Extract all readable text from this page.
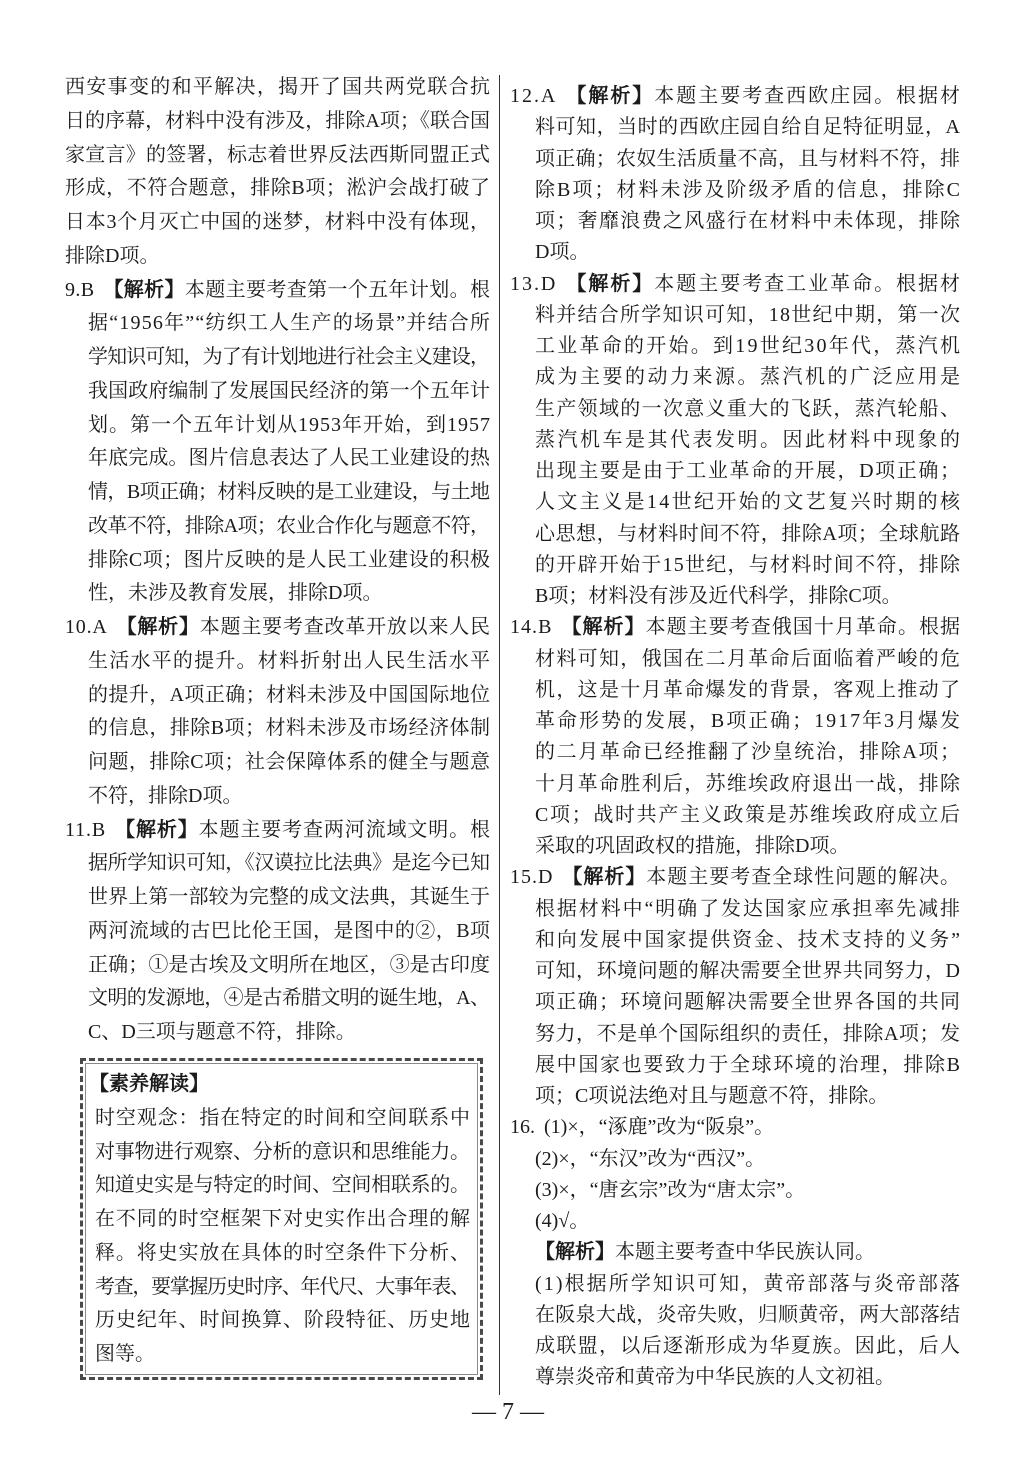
西安事变的和平解决，揭开了国共两党联合抗
日的序幕，材料中没有涉及，排除A项；《联合国
家宣言》的签署，标志着世界反法西斯同盟正式
形成，不符合题意，排除B项；淞沪会战打破了
日本3个月灭亡中国的迷梦，材料中没有体现，
排除D项。
9.B 【解析】本题主要考查第一个五年计划。根
据“1956年”“纺织工人生产的场景”并结合所
学知识可知，为了有计划地进行社会主义建设，
我国政府编制了发展国民经济的第一个五年计
划。第一个五年计划从1953年开始，到1957
年底完成。图片信息表达了人民工业建设的热
情，B项正确；材料反映的是工业建设，与土地
改革不符，排除A项；农业合作化与题意不符，
排除C项；图片反映的是人民工业建设的积极
性，未涉及教育发展，排除D项。
10.A 【解析】本题主要考查改革开放以来人民
生活水平的提升。材料折射出人民生活水平
的提升，A项正确；材料未涉及中国国际地位
的信息，排除B项；材料未涉及市场经济体制
问题，排除C项；社会保障体系的健全与题意
不符，排除D项。
11.B 【解析】本题主要考查两河流域文明。根
据所学知识可知，《汉谟拉比法典》是迄今已知
世界上第一部较为完整的成文法典，其诞生于
两河流域的古巴比伦王国，是图中的②，B项
正确；①是古埃及文明所在地区，③是古印度
文明的发源地，④是古希腊文明的诞生地，A、
C、D三项与题意不符，排除。
12.A 【解析】本题主要考查西欧庄园。根据材
料可知，当时的西欧庄园自给自足特征明显，A
项正确；农奴生活质量不高，且与材料不符，排
除B项；材料未涉及阶级矛盾的信息，排除C
项；奢靡浪费之风盛行在材料中未体现，排除
D项。
13.D 【解析】本题主要考查工业革命。根据材
料并结合所学知识可知，18世纪中期，第一次
工业革命的开始。到19世纪30年代，蒸汽机
成为主要的动力来源。蒸汽机的广泛应用是
生产领域的一次意义重大的飞跃，蒸汽轮船、
蒸汽机车是其代表发明。因此材料中现象的
出现主要是由于工业革命的开展，D项正确；
人文主义是14世纪开始的文艺复兴时期的核
心思想，与材料时间不符，排除A项；全球航路
的开辟开始于15世纪，与材料时间不符，排除
B项；材料没有涉及近代科学，排除C项。
14.B 【解析】本题主要考查俄国十月革命。根据
材料可知，俄国在二月革命后面临着严峻的危
机，这是十月革命爆发的背景，客观上推动了
革命形势的发展，B项正确；1917年3月爆发
的二月革命已经推翻了沙皇统治，排除A项；
十月革命胜利后，苏维埃政府退出一战，排除
C项；战时共产主义政策是苏维埃政府成立后
采取的巩固政权的措施，排除D项。
15.D 【解析】本题主要考查全球性问题的解决。
根据材料中“明确了发达国家应承担率先减排
和向发展中国家提供资金、技术支持的义务”
可知，环境问题的解决需要全世界共同努力，D
项正确；环境问题解决需要全世界各国的共同
努力，不是单个国际组织的责任，排除A项；发
展中国家也要致力于全球环境的治理，排除B
项；C项说法绝对且与题意不符，排除。
16. (1)×，“涿鹿”改为“阪泉”。
(2)×，“东汉”改为“西汉”。
(3)×，“唐玄宗”改为“唐太宗”。
(4)√。
【解析】本题主要考查中华民族认同。
(1)根据所学知识可知，黄帝部落与炎帝部落
在阪泉大战，炎帝失败，归顺黄帝，两大部落结
成联盟，以后逐渐形成为华夏族。因此，后人
尊崇炎帝和黄帝为中华民族的人文初祖。
【素养解读】
时空观念：指在特定的时间和空间联系中
对事物进行观察、分析的意识和思维能力。
知道史实是与特定的时间、空间相联系的。
在不同的时空框架下对史实作出合理的解
释。将史实放在具体的时空条件下分析、
考查，要掌握历史时序、年代尺、大事年表、
历史纪年、时间换算、阶段特征、历史地
图等。
— 7 —
